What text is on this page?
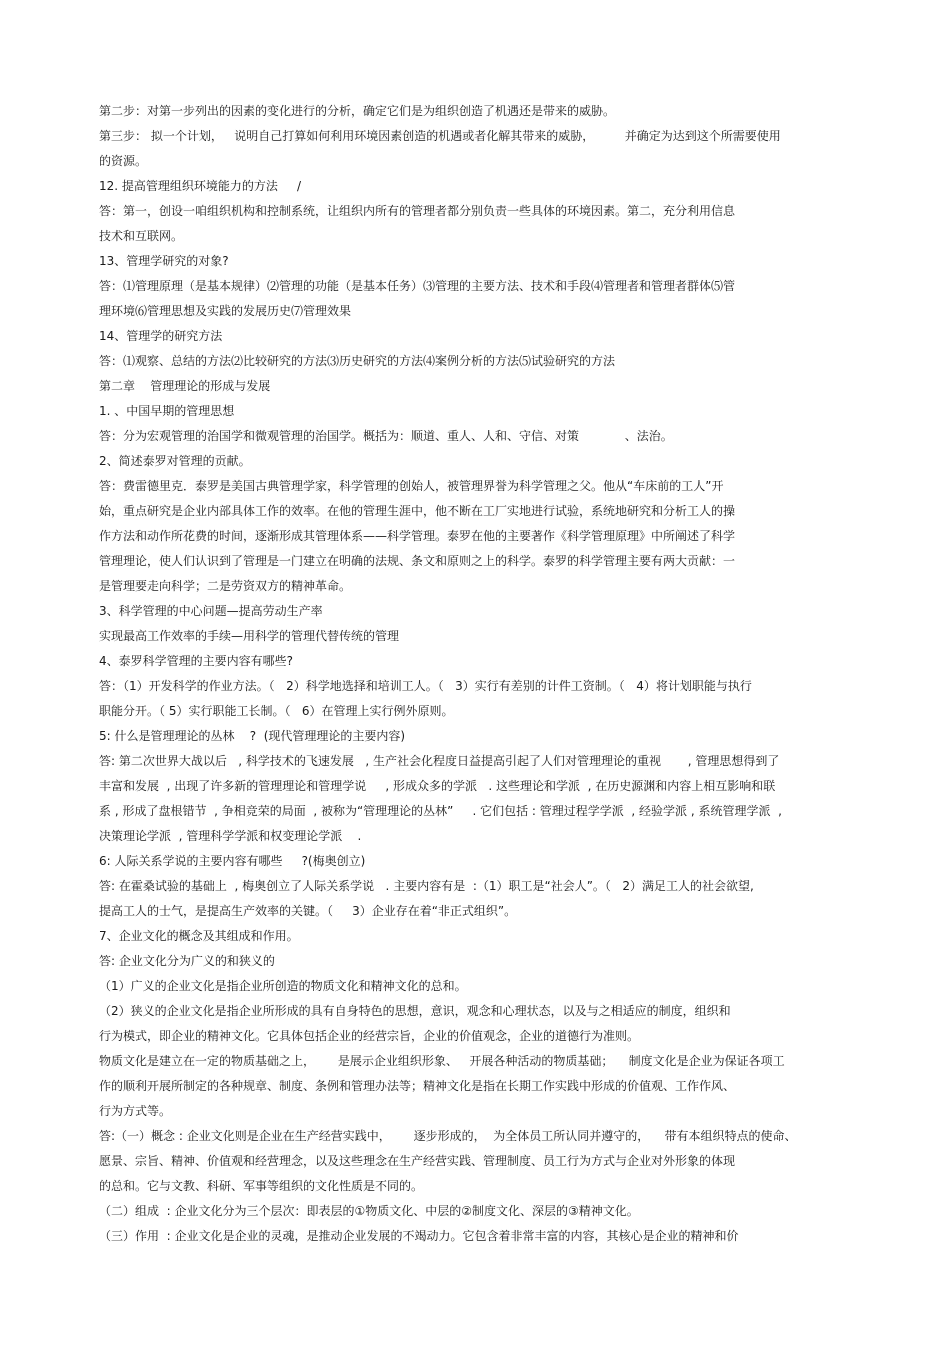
第二步：对第一步列出的因素的变化进行的分析，确定它们是为组织创造了机遇还是带来的威胁。

第三步： 拟一个计划，   说明自己打算如何利用环境因素创造的机遇或者化解其带来的威胁，        并确定为达到这个所需要使用

的资源。

12. 提高管理组织环境能力的方法     /

答：第一，创设一咱组织机构和控制系统，让组织内所有的管理者都分别负责一些具体的环境因素。第二，充分利用信息

技术和互联网。

13、管理学研究的对象?

答：⑴管理原理（是基本规律）⑵管理的功能（是基本任务）⑶管理的主要方法、技术和手段⑷管理者和管理者群体⑸管

理环境⑹管理思想及实践的发展历史⑺管理效果

14、管理学的研究方法

答：⑴观察、总结的方法⑵比较研究的方法⑶历史研究的方法⑷案例分析的方法⑸试验研究的方法

第二章    管理理论的形成与发展

1. 、中国早期的管理思想

答：分为宏观管理的治国学和微观管理的治国学。概括为：顺道、重人、人和、守信、对策            、法治。

2、简述泰罗对管理的贡献。

答：费雷德里克．泰罗是美国古典管理学家，科学管理的创始人，被管理界誉为科学管理之父。他从“车床前的工人”开

始，重点研究是企业内部具体工作的效率。在他的管理生涯中，他不断在工厂实地进行试验，系统地研究和分析工人的操

作方法和动作所花费的时间，逐渐形成其管理体系——科学管理。泰罗在他的主要著作《科学管理原理》中所阐述了科学

管理理论，使人们认识到了管理是一门建立在明确的法规、条文和原则之上的科学。泰罗的科学管理主要有两大贡献：一

是管理要走向科学；二是劳资双方的精神革命。

3、科学管理的中心问题—提高劳动生产率

实现最高工作效率的手续—用科学的管理代替传统的管理

4、泰罗科学管理的主要内容有哪些?

答：（1）开发科学的作业方法。（   2）科学地选择和培训工人。（   3）实行有差别的计件工资制。（   4）将计划职能与执行

职能分开。（ 5）实行职能工长制。（   6）在管理上实行例外原则。

5: 什么是管理理论的丛林    ?  (现代管理理论的主要内容)

答: 第二次世界大战以后   , 科学技术的飞速发展   , 生产社会化程度日益提高引起了人们对管理理论的重视       , 管理思想得到了

丰富和发展  , 出现了许多新的管理理论和管理学说     , 形成众多的学派   . 这些理论和学派  , 在历史源渊和内容上相互影响和联

系 , 形成了盘根错节  , 争相竞荣的局面  , 被称为“管理理论的丛林”     . 它们包括 : 管理过程学学派  , 经验学派 , 系统管理学派  ,

决策理论学派  , 管理科学学派和权变理论学派    .

6: 人际关系学说的主要内容有哪些     ?(梅奥创立)

答: 在霍桑试验的基础上  , 梅奥创立了人际关系学说   . 主要内容有是  :（1）职工是“社会人”。（   2）满足工人的社会欲望,

提高工人的士气，是提高生产效率的关键。（     3）企业存在着“非正式组织”。

7、企业文化的概念及其组成和作用。

答: 企业文化分为广义的和狭义的

（1）广义的企业文化是指企业所创造的物质文化和精神文化的总和。

（2）狭义的企业文化是指企业所形成的具有自身特色的思想，意识，观念和心理状态，以及与之相适应的制度，组织和

行为模式，即企业的精神文化。它具体包括企业的经营宗旨，企业的价值观念，企业的道德行为准则。

物质文化是建立在一定的物质基础之上，      是展示企业组织形象、   开展各种活动的物质基础；    制度文化是企业为保证各项工

作的顺利开展所制定的各种规章、制度、条例和管理办法等；精神文化是指在长期工作实践中形成的价值观、工作作风、

行为方式等。

答:（一）概念 : 企业文化则是企业在生产经营实践中，      逐步形成的，  为全体员工所认同并遵守的，    带有本组织特点的使命、

愿景、宗旨、精神、价值观和经营理念，以及这些理念在生产经营实践、管理制度、员工行为方式与企业对外形象的体现

的总和。它与文教、科研、军事等组织的文化性质是不同的。

（二）组成  : 企业文化分为三个层次：即表层的①物质文化、中层的②制度文化、深层的③精神文化。

（三）作用  : 企业文化是企业的灵魂，是推动企业发展的不竭动力。它包含着非常丰富的内容，其核心是企业的精神和价
